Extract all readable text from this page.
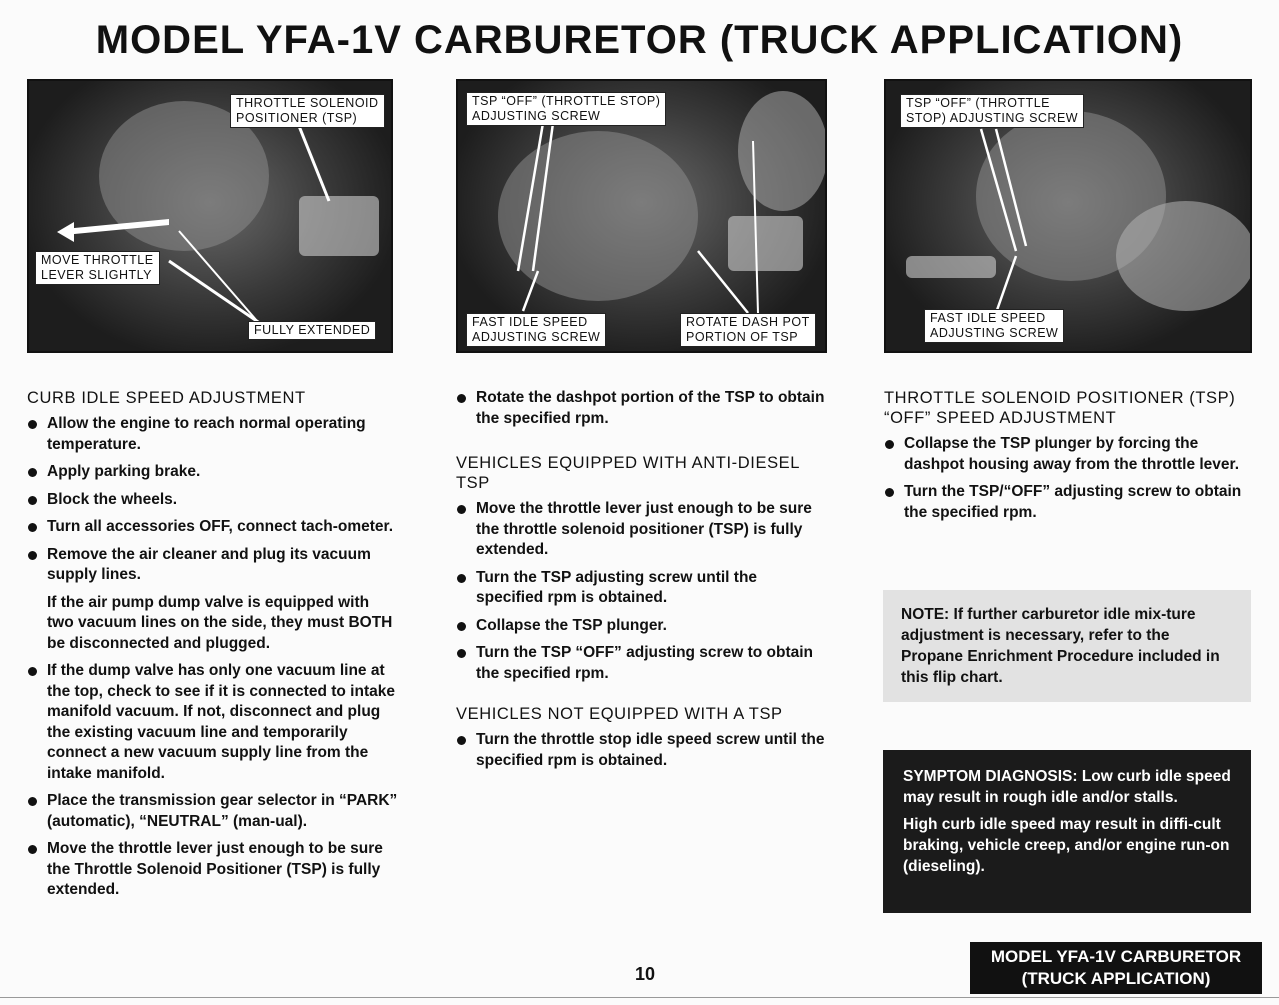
MODEL YFA-1V CARBURETOR (TRUCK APPLICATION)
THROTTLE SOLENOID
POSITIONER (TSP)
MOVE THROTTLE
LEVER SLIGHTLY
FULLY EXTENDED
TSP “OFF” (THROTTLE STOP)
ADJUSTING SCREW
FAST IDLE SPEED
ADJUSTING SCREW
ROTATE DASH POT
PORTION OF TSP
TSP “OFF” (THROTTLE
STOP) ADJUSTING SCREW
FAST IDLE SPEED
ADJUSTING SCREW
CURB IDLE SPEED ADJUSTMENT
Allow the engine to reach normal operating temperature.
Apply parking brake.
Block the wheels.
Turn all accessories OFF, connect tach-ometer.
Remove the air cleaner and plug its vacuum supply lines.

If the air pump dump valve is equipped with two vacuum lines on the side, they must BOTH be disconnected and plugged.

If the dump valve has only one vacuum line at the top, check to see if it is connected to intake manifold vacuum. If not, disconnect and plug the existing vacuum line and temporarily connect a new vacuum supply line from the intake manifold.
Place the transmission gear selector in “PARK” (automatic), “NEUTRAL” (man-ual).
Move the throttle lever just enough to be sure the Throttle Solenoid Positioner (TSP) is fully extended.
Rotate the dashpot portion of the TSP to obtain the specified rpm.
VEHICLES EQUIPPED WITH ANTI-DIESEL TSP
Move the throttle lever just enough to be sure the throttle solenoid positioner (TSP) is fully extended.
Turn the TSP adjusting screw until the specified rpm is obtained.
Collapse the TSP plunger.
Turn the TSP “OFF” adjusting screw to obtain the specified rpm.
VEHICLES NOT EQUIPPED WITH A TSP
Turn the throttle stop idle speed screw until the specified rpm is obtained.
THROTTLE SOLENOID POSITIONER (TSP) “OFF” SPEED ADJUSTMENT
Collapse the TSP plunger by forcing the dashpot housing away from the throttle lever.
Turn the TSP/“OFF” adjusting screw to obtain the specified rpm.
NOTE: If further carburetor idle mix-ture adjustment is necessary, refer to the Propane Enrichment Procedure included in this flip chart.

SYMPTOM DIAGNOSIS: Low curb idle speed may result in rough idle and/or stalls.

High curb idle speed may result in diffi-cult braking, vehicle creep, and/or engine run-on (dieseling).

10
MODEL YFA-1V CARBURETOR
(TRUCK APPLICATION)
